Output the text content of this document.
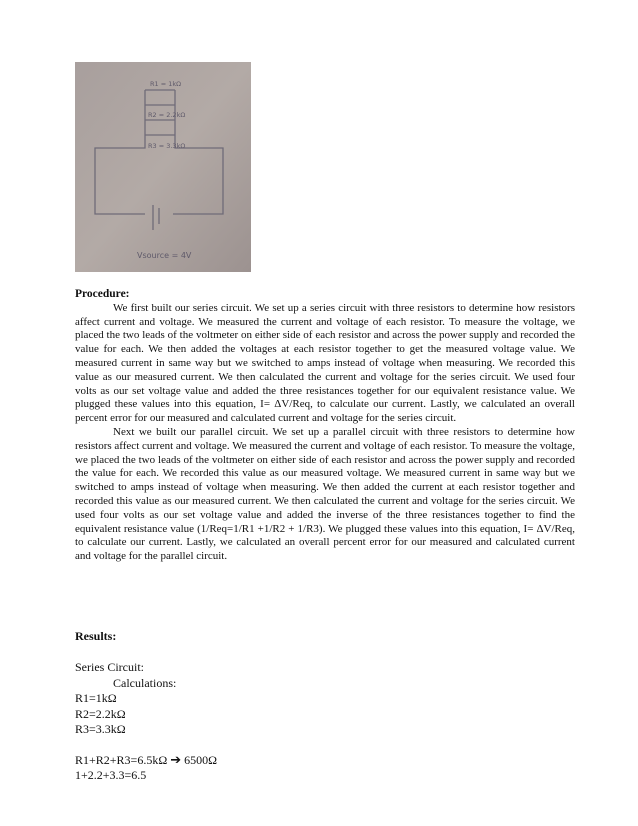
R1 = 1kΩ
R2 = 2.2kΩ
R3 = 3.3kΩ
Vsource = 4V
Procedure:

We first built our series circuit. We set up a series circuit with three resistors to determine how resistors affect current and voltage. We measured the current and voltage of each resistor. To measure the voltage, we placed the two leads of the voltmeter on either side of each resistor and across the power supply and recorded the value for each. We then added the voltages at each resistor together to get the measured voltage value. We measured current in same way but we switched to amps instead of voltage when measuring. We recorded this value as our measured current. We then calculated the current and voltage for the series circuit. We used four volts as our set voltage value and added the three resistances together for our equivalent resistance value. We plugged these values into this equation, I= ΔV/Req, to calculate our current. Lastly, we calculated an overall percent error for our measured and calculated current and voltage for the series circuit.

Next we built our parallel circuit. We set up a parallel circuit with three resistors to determine how resistors affect current and voltage. We measured the current and voltage of each resistor. To measure the voltage, we placed the two leads of the voltmeter on either side of each resistor and across the power supply and recorded the value for each. We recorded this value as our measured voltage. We measured current in same way but we switched to amps instead of voltage when measuring. We then added the current at each resistor together and recorded this value as our measured current. We then calculated the current and voltage for the series circuit. We used four volts as our set voltage value and added the inverse of the three resistances together to find the equivalent resistance value (1/Req=1/R1 +1/R2 + 1/R3). We plugged these values into this equation, I= ΔV/Req, to calculate our current. Lastly, we calculated an overall percent error for our measured and calculated current and voltage for the parallel circuit.

Results:
Series Circuit:
Calculations:
R1=1kΩ
R2=2.2kΩ
R3=3.3kΩ
R1+R2+R3=6.5kΩ ➔ 6500Ω
1+2.2+3.3=6.5
